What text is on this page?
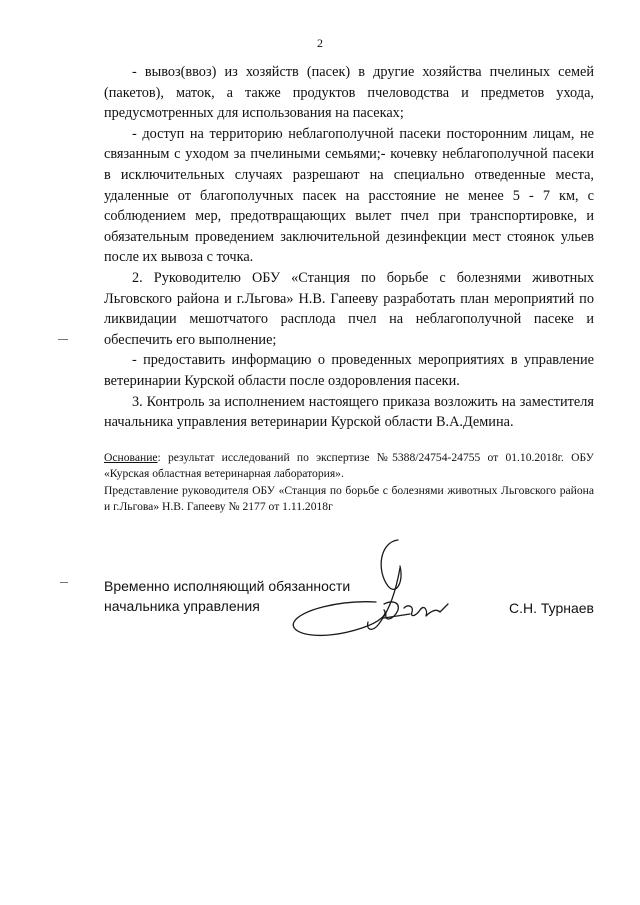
2

- вывоз(ввоз) из хозяйств (пасек) в другие хозяйства пчелиных семей (пакетов), маток, а также продуктов пчеловодства и предметов ухода, предусмотренных для использования на пасеках;

- доступ на территорию неблагополучной пасеки посторонним лицам, не связанным с уходом за пчелиными семьями;- кочевку неблагополучной пасеки в исключительных случаях разрешают на специально отведенные места, удаленные от благополучных пасек на расстояние не менее 5 - 7 км, с соблюдением мер, предотвращающих вылет пчел при транспортировке, и обязательным проведением заключительной дезинфекции мест стоянок ульев после их вывоза с точка.

2. Руководителю ОБУ «Станция по борьбе с болезнями животных Льговского района и г.Льгова» Н.В. Гапееву разработать план мероприятий по ликвидации мешотчатого расплода пчел на неблагополучной пасеке и обеспечить его выполнение;

- предоставить информацию о проведенных мероприятиях в управление ветеринарии Курской области после оздоровления пасеки.

3. Контроль за исполнением настоящего приказа возложить на заместителя начальника управления ветеринарии Курской области В.А.Демина.

Основание: результат исследований по экспертизе №5388/24754-24755 от 01.10.2018г. ОБУ «Курская областная ветеринарная лаборатория».

Представление руководителя ОБУ «Станция по борьбе с болезнями животных Льговского района и г.Льгова» Н.В. Гапееву № 2177 от 1.11.2018г

Временно исполняющий обязанности
начальника управления	С.Н. Турнаев
